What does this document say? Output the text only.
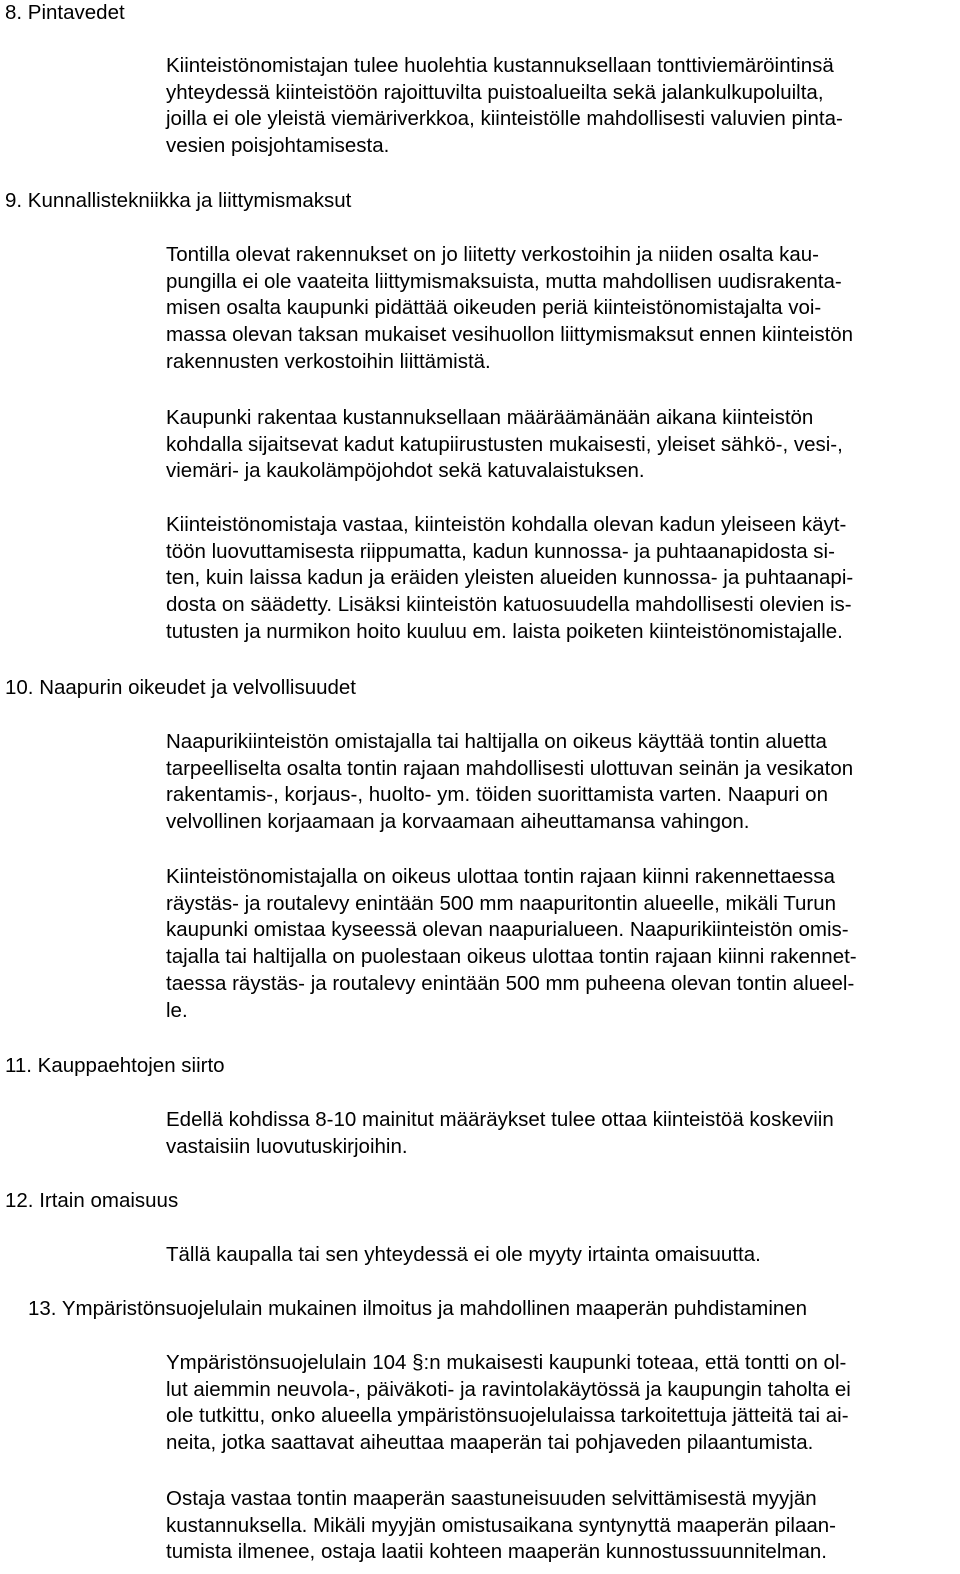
8. Pintavedet
Kiinteistönomistajan tulee huolehtia kustannuksellaan tonttiviemäröintinsä
yhteydessä kiinteistöön rajoittuvilta puistoalueilta sekä jalankulkupoluilta,
joilla ei ole yleistä viemäriverkkoa, kiinteistölle mahdollisesti valuvien pinta-
vesien poisjohtamisesta.
9. Kunnallistekniikka ja liittymismaksut
Tontilla olevat rakennukset on jo liitetty verkostoihin ja niiden osalta kau-
pungilla ei ole vaateita liittymismaksuista, mutta mahdollisen uudisrakenta-
misen osalta kaupunki pidättää oikeuden periä kiinteistönomistajalta voi-
massa olevan taksan mukaiset vesihuollon liittymismaksut ennen kiinteistön
rakennusten verkostoihin liittämistä.
Kaupunki rakentaa kustannuksellaan määräämänään aikana kiinteistön
kohdalla sijaitsevat kadut katupiirustusten mukaisesti, yleiset sähkö-, vesi-,
viemäri- ja kaukolämpöjohdot sekä katuvalaistuksen.
Kiinteistönomistaja vastaa, kiinteistön kohdalla olevan kadun yleiseen käyt-
töön luovuttamisesta riippumatta, kadun kunnossa- ja puhtaanapidosta si-
ten, kuin laissa kadun ja eräiden yleisten alueiden kunnossa- ja puhtaanapi-
dosta on säädetty. Lisäksi kiinteistön katuosuudella mahdollisesti olevien is-
tutusten ja nurmikon hoito kuuluu em. laista poiketen kiinteistönomistajalle.
10. Naapurin oikeudet ja velvollisuudet
Naapurikiinteistön omistajalla tai haltijalla on oikeus käyttää tontin aluetta
tarpeelliselta osalta tontin rajaan mahdollisesti ulottuvan seinän ja vesikaton
rakentamis-, korjaus-, huolto- ym. töiden suorittamista varten. Naapuri on
velvollinen korjaamaan ja korvaamaan aiheuttamansa vahingon.
Kiinteistönomistajalla on oikeus ulottaa tontin rajaan kiinni rakennettaessa
räystäs- ja routalevy enintään 500 mm naapuritontin alueelle, mikäli Turun
kaupunki omistaa kyseessä olevan naapurialueen. Naapurikiinteistön omis-
tajalla tai haltijalla on puolestaan oikeus ulottaa tontin rajaan kiinni rakennet-
taessa räystäs- ja routalevy enintään 500 mm puheena olevan tontin alueel-
le.
11. Kauppaehtojen siirto
Edellä kohdissa 8-10 mainitut määräykset tulee ottaa kiinteistöä koskeviin
vastaisiin luovutuskirjoihin.
12. Irtain omaisuus
Tällä kaupalla tai sen yhteydessä ei ole myyty irtainta omaisuutta.
13. Ympäristönsuojelulain mukainen ilmoitus ja mahdollinen maaperän puhdistaminen
Ympäristönsuojelulain 104 §:n mukaisesti kaupunki toteaa, että tontti on ol-
lut aiemmin neuvola-, päiväkoti- ja ravintolakäytössä ja kaupungin taholta ei
ole tutkittu, onko alueella ympäristönsuojelulaissa tarkoitettuja jätteitä tai ai-
neita, jotka saattavat aiheuttaa maaperän tai pohjaveden pilaantumista.
Ostaja vastaa tontin maaperän saastuneisuuden selvittämisestä myyjän
kustannuksella. Mikäli myyjän omistusaikana syntynyttä maaperän pilaan-
tumista ilmenee, ostaja laatii kohteen maaperän kunnostussuunnitelman.
